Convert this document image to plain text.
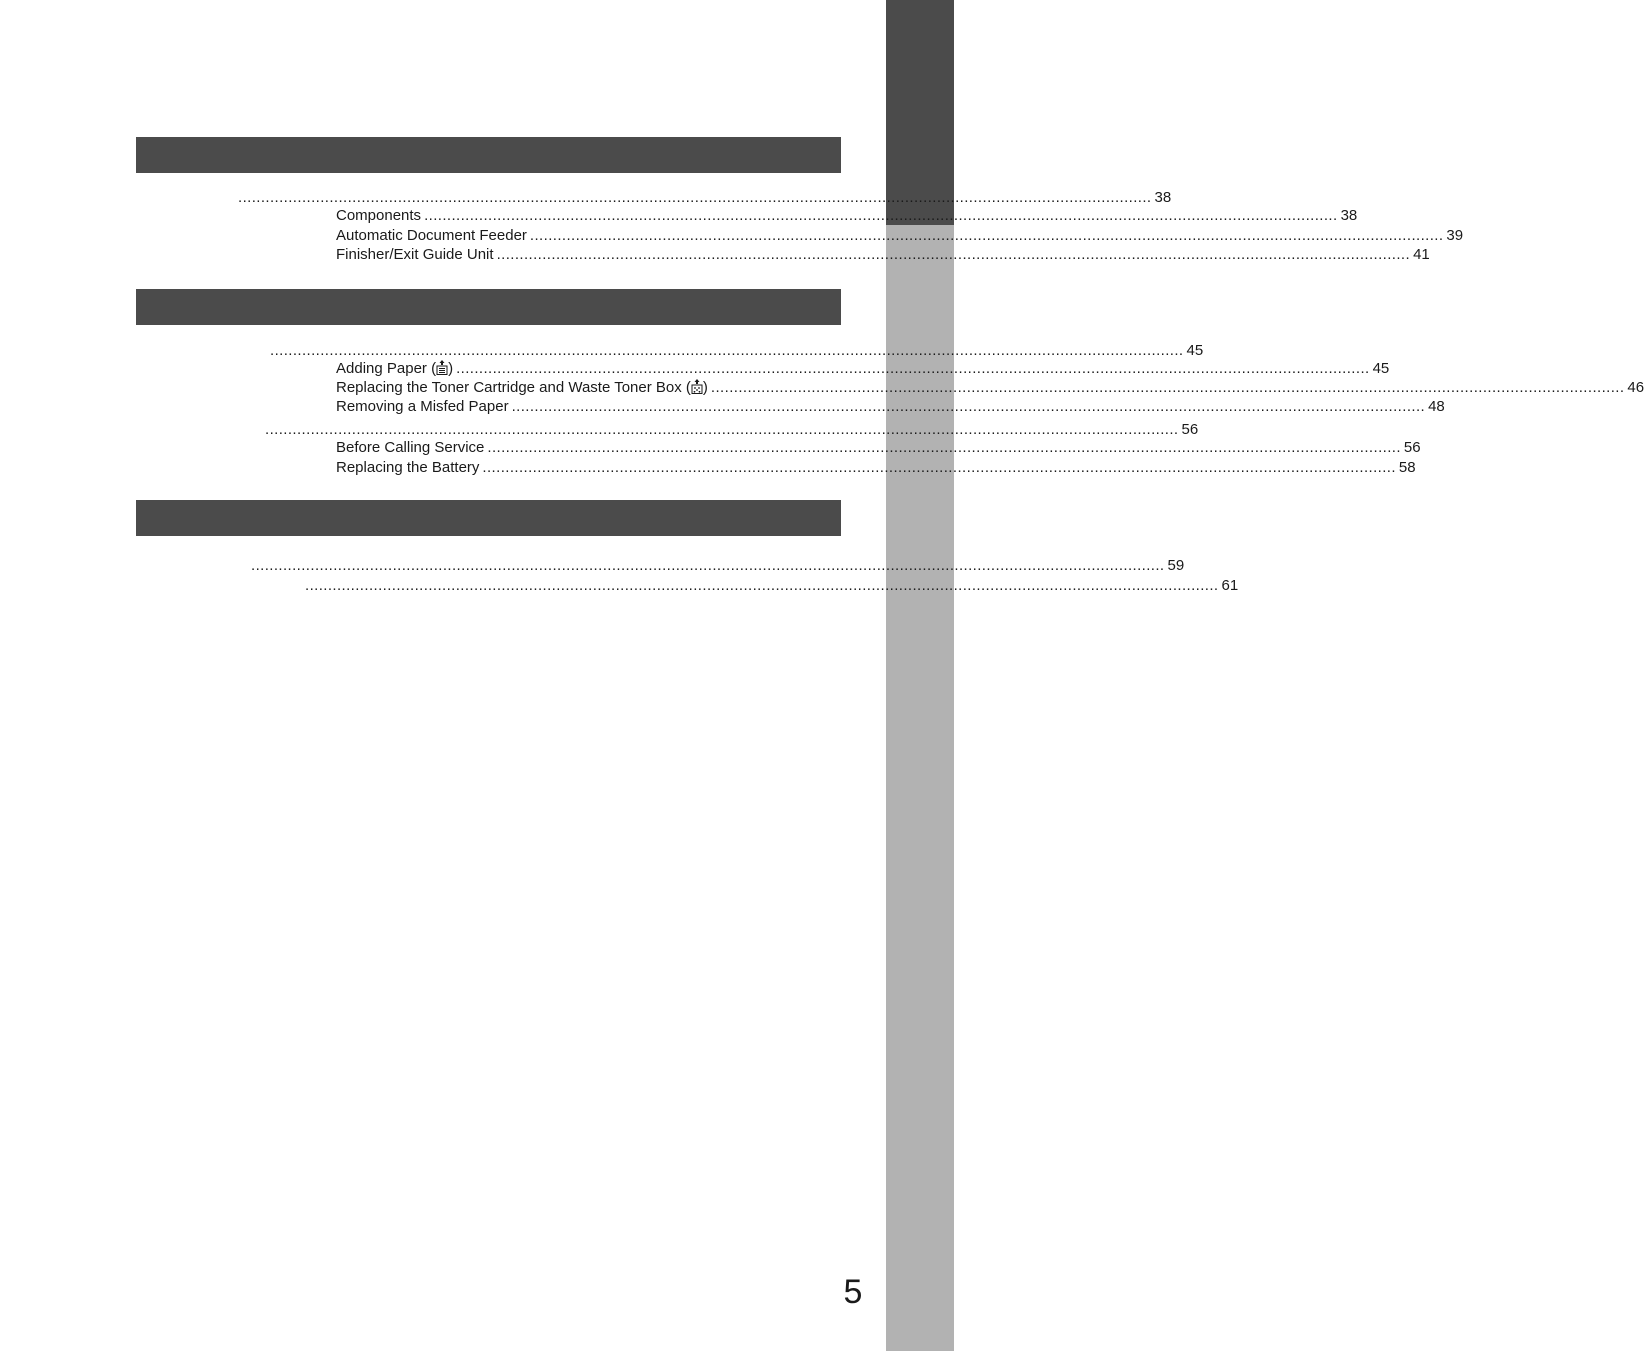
........................................................................................................................................................................................................ 38
Components ........................................................................................................................................................................................................ 38
Automatic Document Feeder ........................................................................................................................................................................................................ 39
Finisher/Exit Guide Unit ........................................................................................................................................................................................................ 41
........................................................................................................................................................................................................ 45
Adding Paper ( ) ........................................................................................................................................................................................................ 45
Replacing the Toner Cartridge and Waste Toner Box ( ) ........................................................................................................................................................................................................ 46
Removing a Misfed Paper ........................................................................................................................................................................................................ 48
........................................................................................................................................................................................................ 56
Before Calling Service ........................................................................................................................................................................................................ 56
Replacing the Battery ........................................................................................................................................................................................................ 58
........................................................................................................................................................................................................ 59
........................................................................................................................................................................................................ 61
5
